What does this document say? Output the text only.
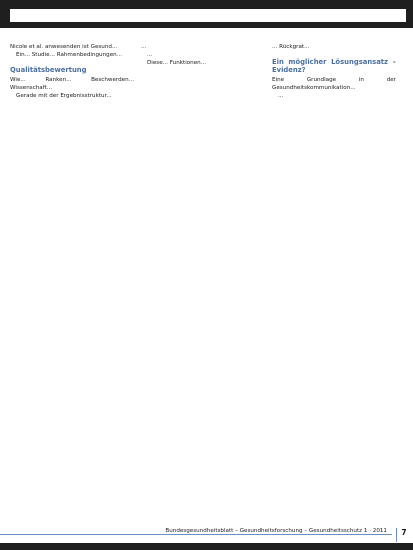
Nicole et al. anwesenden ist Gesund...

Ein... Studie... Rahmenbedingungen...

Qualitätsbewertung

Wie... Ranken... Beschwerden... Wissenschaft...

Gerade mit der Ergebnisstruktur...

...

...

Diese... Funktionen...

... Rückgrat...

Ein möglicher Lösungsansatz – Evidenz?

Eine Grundlage in der Gesundheitskommunikation...

...

Bundesgesundheitsblatt – Gesundheitsforschung – Gesundheitsschutz 1 · 2011	7
